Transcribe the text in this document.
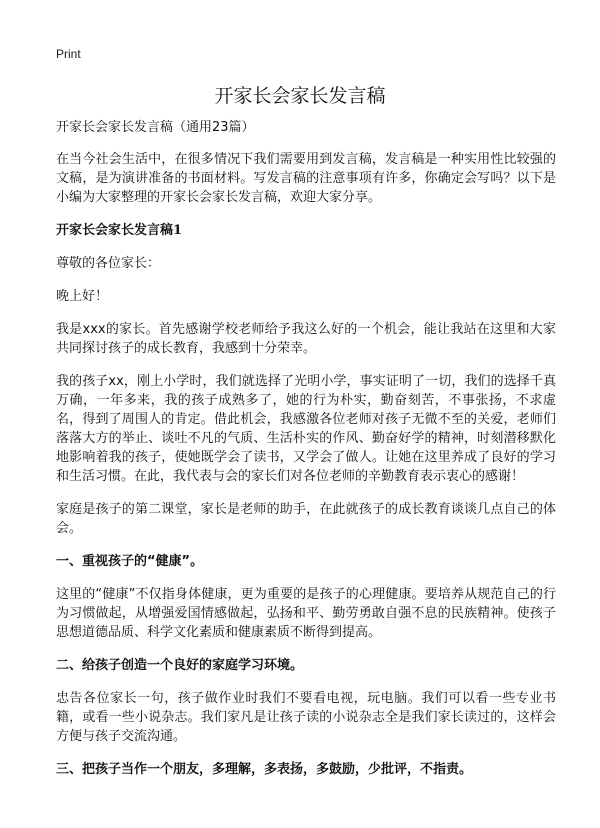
Print
开家长会家长发言稿

开家长会家长发言稿（通用23篇）

在当今社会生活中，在很多情况下我们需要用到发言稿，发言稿是一种实用性比较强的文稿，是为演讲准备的书面材料。写发言稿的注意事项有许多，你确定会写吗？以下是小编为大家整理的开家长会家长发言稿，欢迎大家分享。

开家长会家长发言稿1

尊敬的各位家长：

晚上好！

我是xxx的家长。首先感谢学校老师给予我这么好的一个机会，能让我站在这里和大家共同探讨孩子的成长教育，我感到十分荣幸。

我的孩子xx，刚上小学时，我们就选择了光明小学，事实证明了一切，我们的选择千真万确，一年多来，我的孩子成熟多了，她的行为朴实，勤奋刻苦，不事张扬，不求虚名，得到了周围人的肯定。借此机会，我感激各位老师对孩子无微不至的关爱，老师们落落大方的举止、谈吐不凡的气质、生活朴实的作风、勤奋好学的精神，时刻潜移默化地影响着我的孩子，使她既学会了读书，又学会了做人。让她在这里养成了良好的学习和生活习惯。在此，我代表与会的家长们对各位老师的辛勤教育表示衷心的感谢！

家庭是孩子的第二课堂，家长是老师的助手，在此就孩子的成长教育谈谈几点自己的体会。

一、重视孩子的“健康”。

这里的“健康”不仅指身体健康，更为重要的是孩子的心理健康。要培养从规范自己的行为习惯做起，从增强爱国情感做起，弘扬和平、勤劳勇敢自强不息的民族精神。使孩子思想道德品质、科学文化素质和健康素质不断得到提高。

二、给孩子创造一个良好的家庭学习环境。

忠告各位家长一句，孩子做作业时我们不要看电视，玩电脑。我们可以看一些专业书籍，或看一些小说杂志。我们家凡是让孩子读的小说杂志全是我们家长读过的，这样会方便与孩子交流沟通。

三、把孩子当作一个朋友，多理解，多表扬，多鼓励，少批评，不指责。
